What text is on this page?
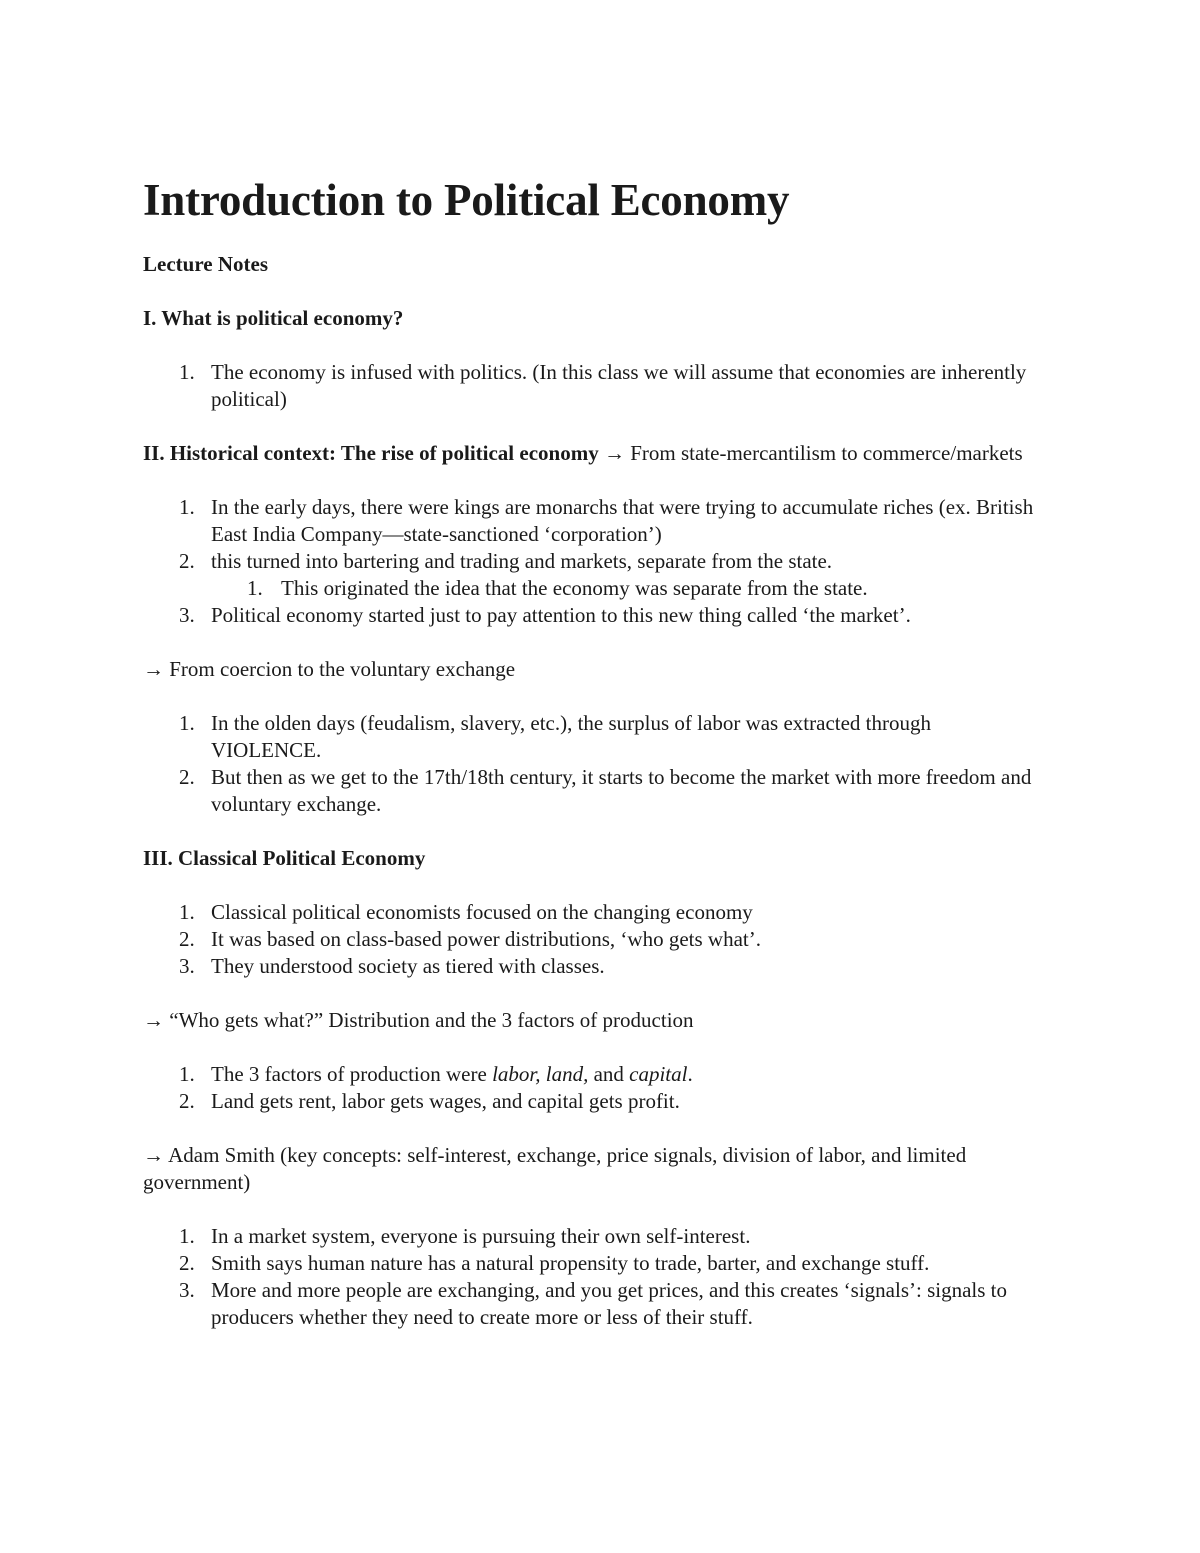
Introduction to Political Economy
Lecture Notes
I. What is political economy?
1. The economy is infused with politics. (In this class we will assume that economies are inherently political)
II. Historical context: The rise of political economy → From state-mercantilism to commerce/markets
1. In the early days, there were kings are monarchs that were trying to accumulate riches (ex. British East India Company—state-sanctioned ‘corporation’)
2. this turned into bartering and trading and markets, separate from the state.
1. This originated the idea that the economy was separate from the state.
3. Political economy started just to pay attention to this new thing called ‘the market’.
→ From coercion to the voluntary exchange
1. In the olden days (feudalism, slavery, etc.), the surplus of labor was extracted through VIOLENCE.
2. But then as we get to the 17th/18th century, it starts to become the market with more freedom and voluntary exchange.
III. Classical Political Economy
1. Classical political economists focused on the changing economy
2. It was based on class-based power distributions, ‘who gets what’.
3. They understood society as tiered with classes.
→ “Who gets what?” Distribution and the 3 factors of production
1. The 3 factors of production were labor, land, and capital.
2. Land gets rent, labor gets wages, and capital gets profit.
→ Adam Smith (key concepts: self-interest, exchange, price signals, division of labor, and limited government)
1. In a market system, everyone is pursuing their own self-interest.
2. Smith says human nature has a natural propensity to trade, barter, and exchange stuff.
3. More and more people are exchanging, and you get prices, and this creates ‘signals’: signals to producers whether they need to create more or less of their stuff.
